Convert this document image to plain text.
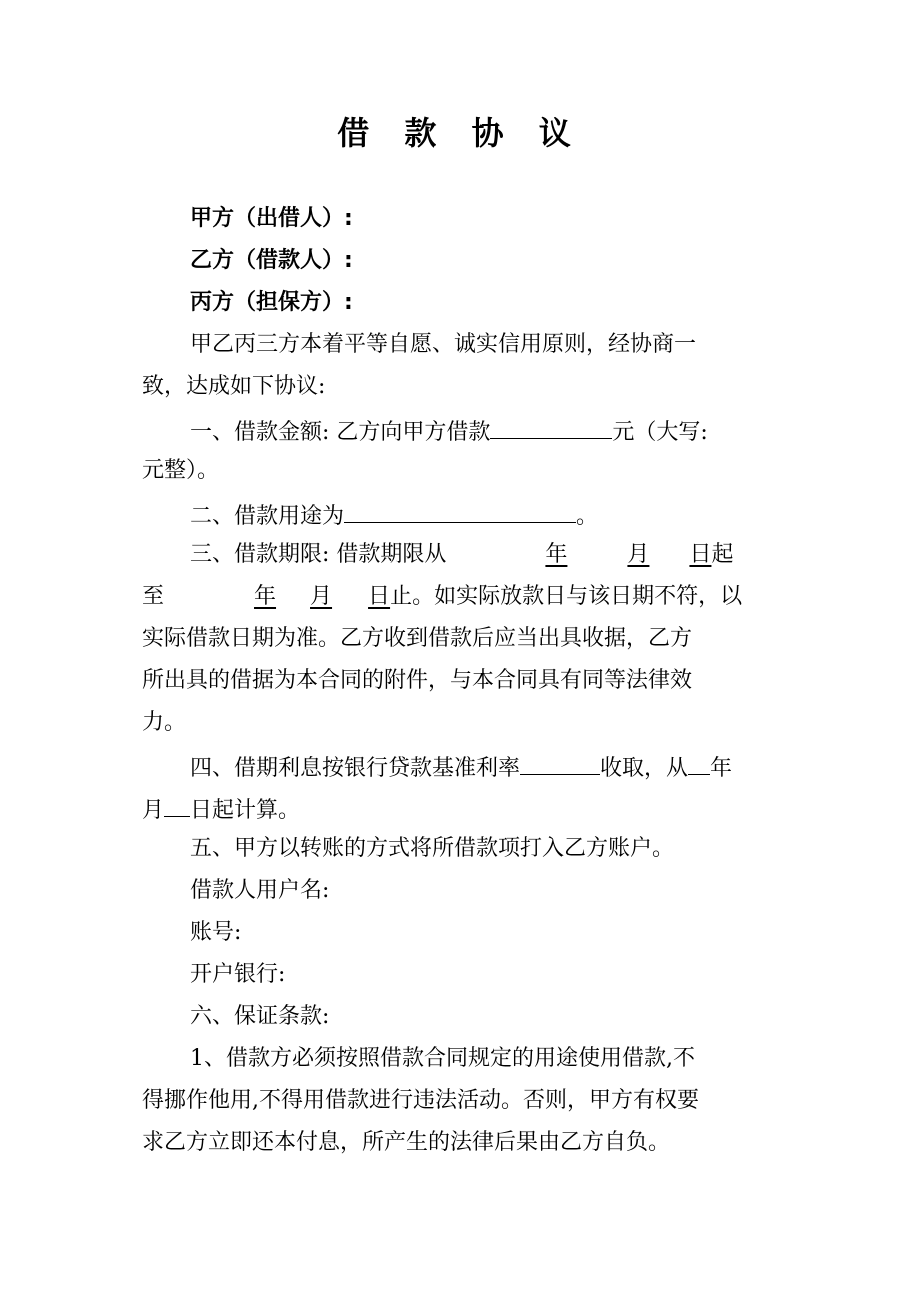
借 款 协 议
甲方（出借人）:
乙方（借款人）:
丙方（担保方）:
甲乙丙三方本着平等自愿、诚实信用原则，经协商一
致，达成如下协议:
一、借款金额: 乙方向甲方借款	元（大写:
元整）。
二、借款用途为	。
三、借款期限: 借款期限从	年	月 日起
至	年 月 日止。如实际放款日与该日期不符，以
实际借款日期为准。乙方收到借款后应当出具收据，乙方
所出具的借据为本合同的附件，与本合同具有同等法律效
力。
四、借期利息按银行贷款基准利率	收取，从 年
月 日起计算。
五、甲方以转账的方式将所借款项打入乙方账户。
借款人用户名:
账号:
开户银行:
六、保证条款:
1、借款方必须按照借款合同规定的用途使用借款,不
得挪作他用,不得用借款进行违法活动。否则，甲方有权要
求乙方立即还本付息，所产生的法律后果由乙方自负。
